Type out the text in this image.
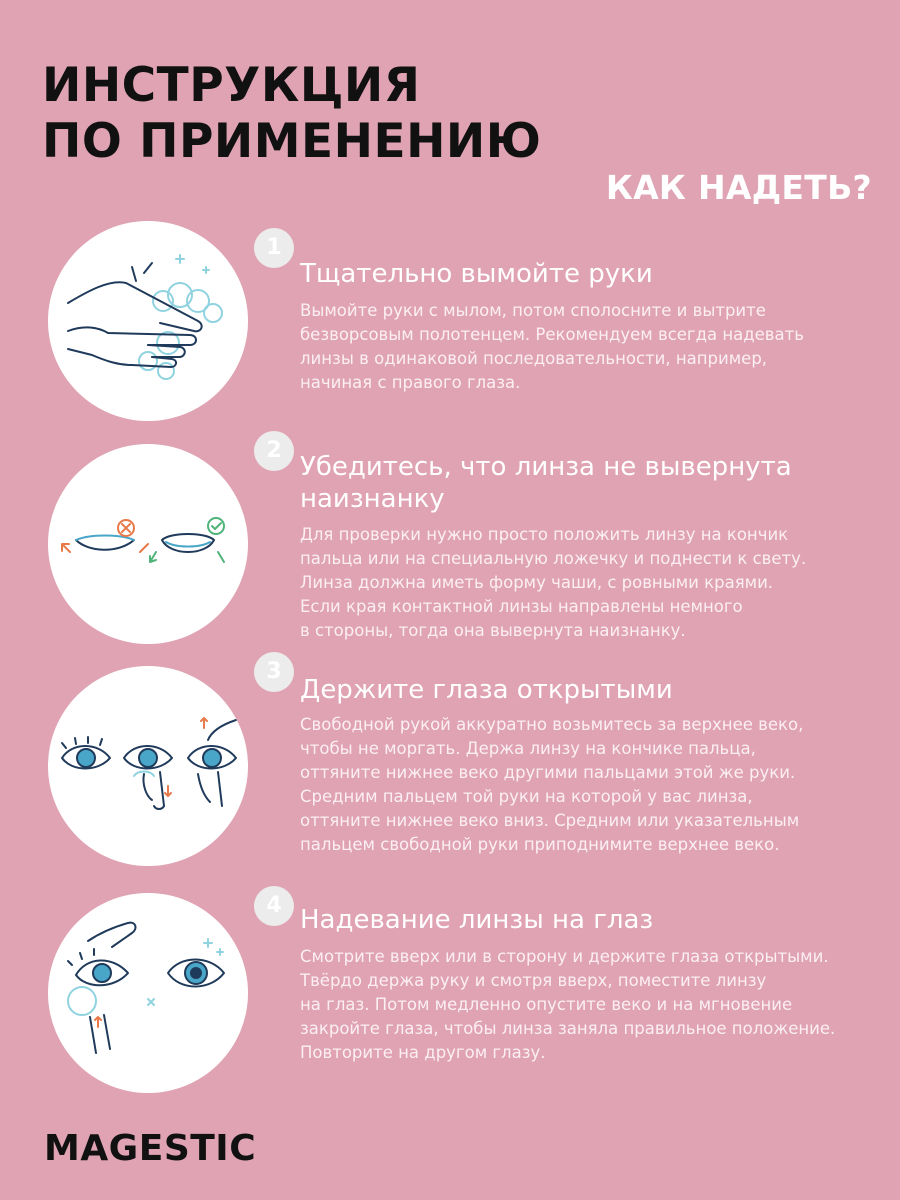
ИНСТРУКЦИЯ
ПО ПРИМЕНЕНИЮ
КАК НАДЕТЬ?
1
Тщательно вымойте руки
Вымойте руки с мылом, потом сполосните и вытрите
безворсовым полотенцем. Рекомендуем всегда надевать
линзы в одинаковой последовательности, например,
начиная с правого глаза.
2
Убедитесь, что линза не вывернута
наизнанку
Для проверки нужно просто положить линзу на кончик
пальца или на специальную ложечку и поднести к свету.
Линза должна иметь форму чаши, с ровными краями.
Если края контактной линзы направлены немного
в стороны, тогда она вывернута наизнанку.
3
Держите глаза открытыми
Свободной рукой аккуратно возьмитесь за верхнее веко,
чтобы не моргать. Держа линзу на кончике пальца,
оттяните нижнее веко другими пальцами этой же руки.
Средним пальцем той руки на которой у вас линза,
оттяните нижнее веко вниз. Средним или указательным
пальцем свободной руки приподнимите верхнее веко.
4 Надевание линзы на глаз
Смотрите вверх или в сторону и держите глаза открытыми.
Твёрдо держа руку и смотря вверх, поместите линзу
на глаз. Потом медленно опустите веко и на мгновение
закройте глаза, чтобы линза заняла правильное положение.
Повторите на другом глазу.
MAGESTIC
